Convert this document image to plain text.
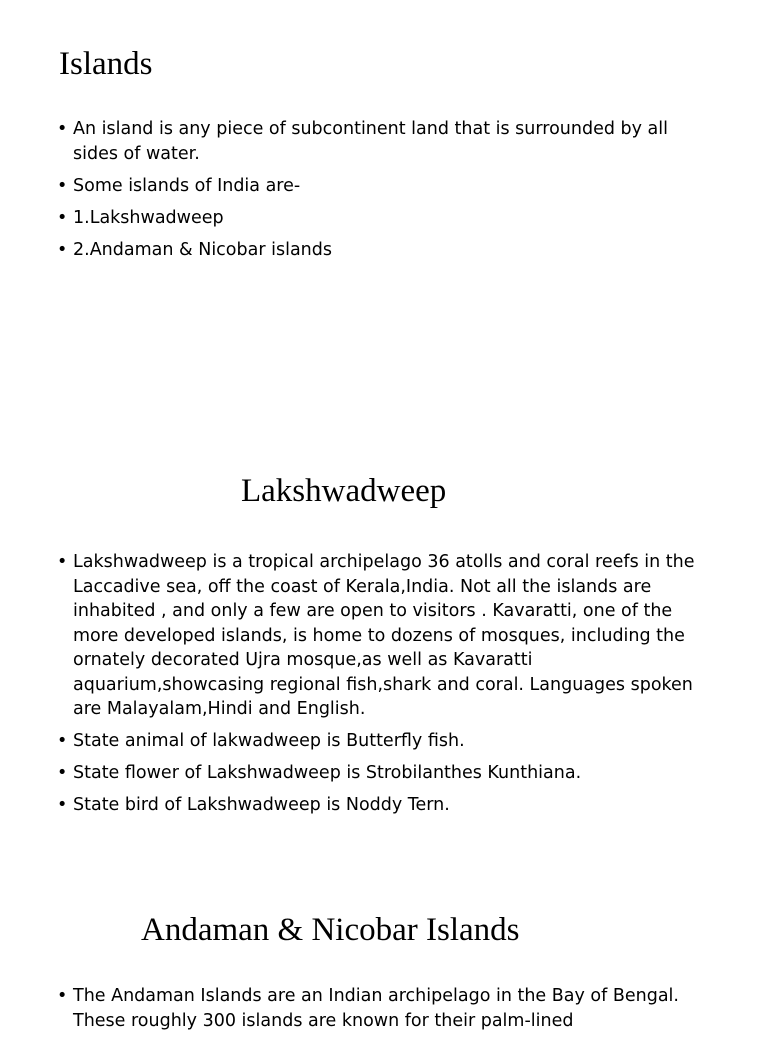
Islands
• An island is any piece of subcontinent land that is surrounded by all sides of water.
• Some islands of India are-
• 1.Lakshwadweep
• 2.Andaman & Nicobar islands
Lakshwadweep
• Lakshwadweep is a tropical archipelago 36 atolls and coral reefs in the Laccadive sea, off the coast of Kerala,India. Not all the islands are inhabited , and only a few are open to visitors . Kavaratti, one of the more developed islands, is home to dozens of mosques, including the ornately decorated Ujra mosque,as well as Kavaratti aquarium,showcasing regional fish,shark and coral. Languages spoken are Malayalam,Hindi and English.
• State animal of lakwadweep is Butterfly fish.
• State flower of Lakshwadweep is Strobilanthes Kunthiana.
• State bird of Lakshwadweep is Noddy Tern.
Andaman & Nicobar Islands
• The Andaman Islands are an Indian archipelago in the Bay of Bengal. These roughly 300 islands are known for their palm-lined
